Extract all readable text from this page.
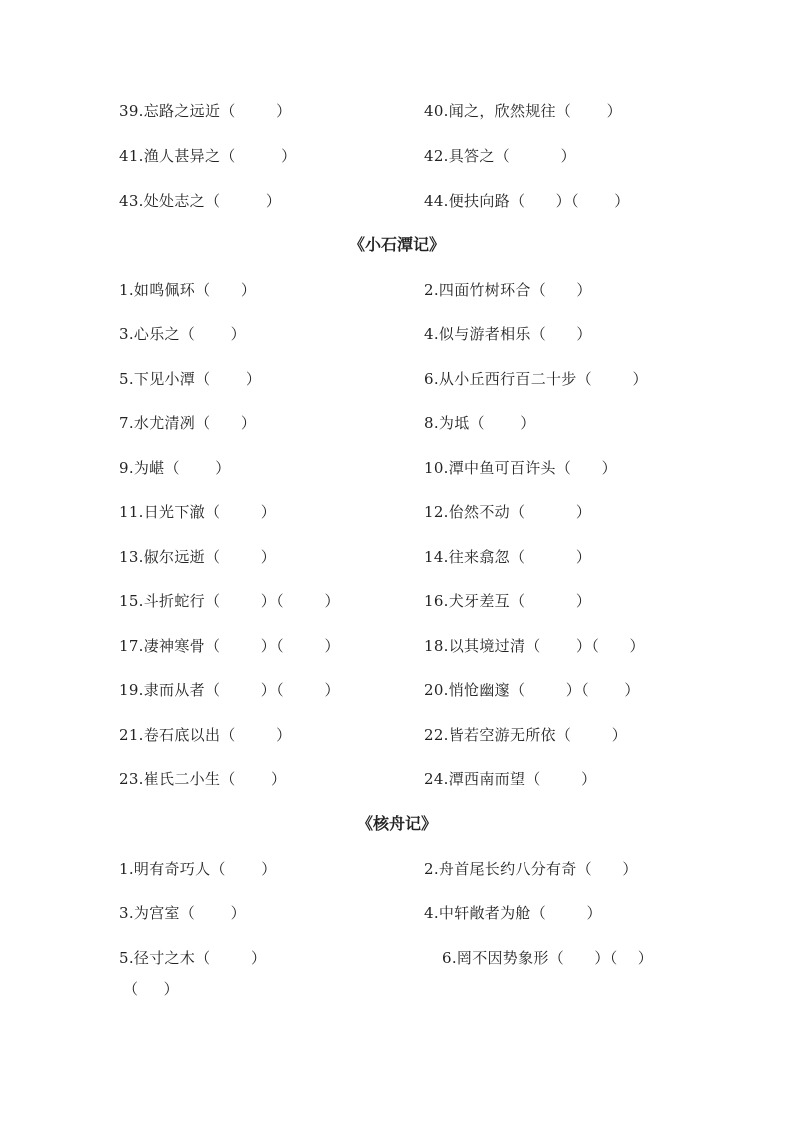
39.忘路之远近（        ）	40.闻之，欣然规往（       ）
41.渔人甚异之（         ）	42.具答之（          ）
43.处处志之（         ）	44.便扶向路（      ）（       ）
《小石潭记》
1.如鸣佩环（      ）	2.四面竹树环合（      ）
3.心乐之（       ）	4.似与游者相乐（      ）
5.下见小潭（       ）	6.从小丘西行百二十步（        ）
7.水尤清冽（      ）	8.为坻（       ）
9.为嵁（       ）	10.潭中鱼可百许头（      ）
11.日光下澈（        ）	12.佁然不动（          ）
13.俶尔远逝（        ）	14.往来翕忽（          ）
15.斗折蛇行（        ）（        ）	16.犬牙差互（          ）
17.凄神寒骨（        ）（        ）	18.以其境过清（       ）（      ）
19.隶而从者（        ）（        ）	20.悄怆幽邃（        ）（       ）
21.卷石底以出（        ）	22.皆若空游无所依（        ）
23.崔氏二小生（       ）	24.潭西南而望（        ）
《核舟记》
1.明有奇巧人（       ）	2.舟首尾长约八分有奇（      ）
3.为宫室（       ）	4.中轩敞者为舱（        ）
5.径寸之木（        ）	6.罔不因势象形（      ）（    ）
（     ）
